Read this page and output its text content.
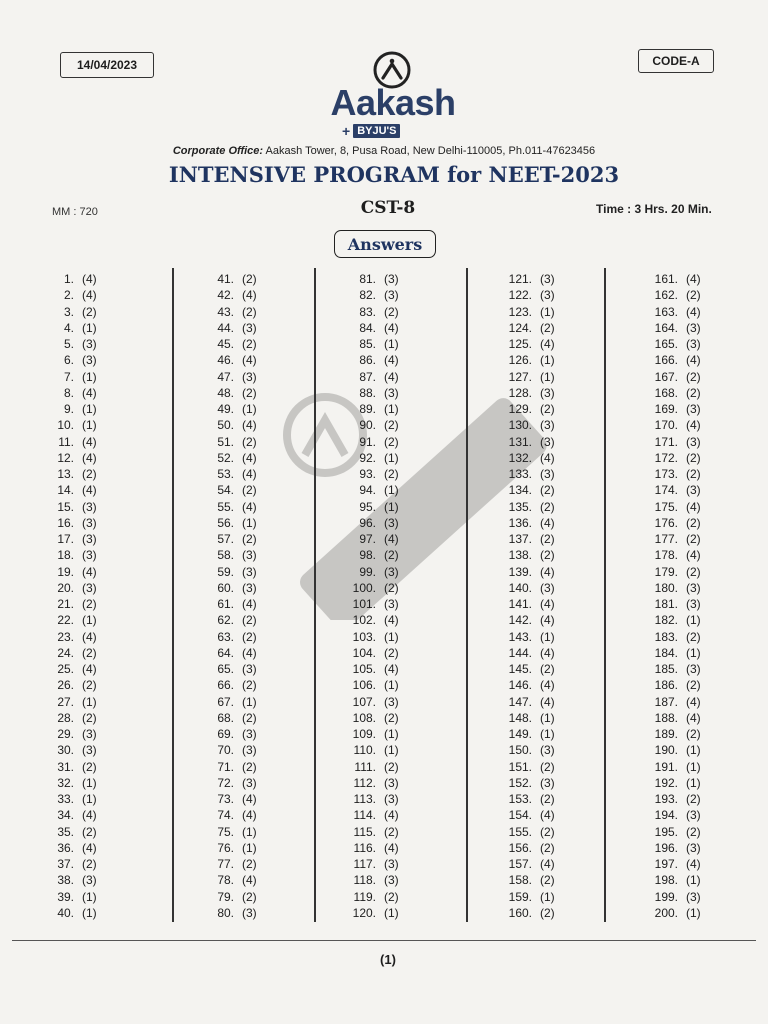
14/04/2023	CODE-A
Aakash
+ BYJU'S
Corporate Office: Aakash Tower, 8, Pusa Road, New Delhi-110005, Ph.011-47623456
INTENSIVE PROGRAM for NEET-2023
MM : 720	CST-8	Time : 3 Hrs. 20 Min.
Answers
1. (4)
2. (4)
3. (2)
4. (1)
5. (3)
6. (3)
7. (1)
8. (4)
9. (1)
10. (1)
11. (4)
12. (4)
13. (2)
14. (4)
15. (3)
16. (3)
17. (3)
18. (3)
19. (4)
20. (3)
21. (2)
22. (1)
23. (4)
24. (2)
25. (4)
26. (2)
27. (1)
28. (2)
29. (3)
30. (3)
31. (2)
32. (1)
33. (1)
34. (4)
35. (2)
36. (4)
37. (2)
38. (3)
39. (1)
40. (1)
41. (2)
42. (4)
43. (2)
44. (3)
45. (2)
46. (4)
47. (3)
48. (2)
49. (1)
50. (4)
51. (2)
52. (4)
53. (4)
54. (2)
55. (4)
56. (1)
57. (2)
58. (3)
59. (3)
60. (3)
61. (4)
62. (2)
63. (2)
64. (4)
65. (3)
66. (2)
67. (1)
68. (2)
69. (3)
70. (3)
71. (2)
72. (3)
73. (4)
74. (4)
75. (1)
76. (1)
77. (2)
78. (4)
79. (2)
80. (3)
81. (3)
82. (3)
83. (2)
84. (4)
85. (1)
86. (4)
87. (4)
88. (3)
89. (1)
90. (2)
91. (2)
92. (1)
93. (2)
94. (1)
95. (1)
96. (3)
97. (4)
98. (2)
99. (3)
100. (2)
101. (3)
102. (4)
103. (1)
104. (2)
105. (4)
106. (1)
107. (3)
108. (2)
109. (1)
110. (1)
111. (2)
112. (3)
113. (3)
114. (4)
115. (2)
116. (4)
117. (3)
118. (3)
119. (2)
120. (1)
121. (3)
122. (3)
123. (1)
124. (2)
125. (4)
126. (1)
127. (1)
128. (3)
129. (2)
130. (3)
131. (3)
132. (4)
133. (3)
134. (2)
135. (2)
136. (4)
137. (2)
138. (2)
139. (4)
140. (3)
141. (4)
142. (4)
143. (1)
144. (4)
145. (2)
146. (4)
147. (4)
148. (1)
149. (1)
150. (3)
151. (2)
152. (3)
153. (2)
154. (4)
155. (2)
156. (2)
157. (4)
158. (2)
159. (1)
160. (2)
161. (4)
162. (2)
163. (4)
164. (3)
165. (3)
166. (4)
167. (2)
168. (2)
169. (3)
170. (4)
171. (3)
172. (2)
173. (2)
174. (3)
175. (4)
176. (2)
177. (2)
178. (4)
179. (2)
180. (3)
181. (3)
182. (1)
183. (2)
184. (1)
185. (3)
186. (2)
187. (4)
188. (4)
189. (2)
190. (1)
191. (1)
192. (1)
193. (2)
194. (3)
195. (2)
196. (3)
197. (4)
198. (1)
199. (3)
200. (1)
(1)
